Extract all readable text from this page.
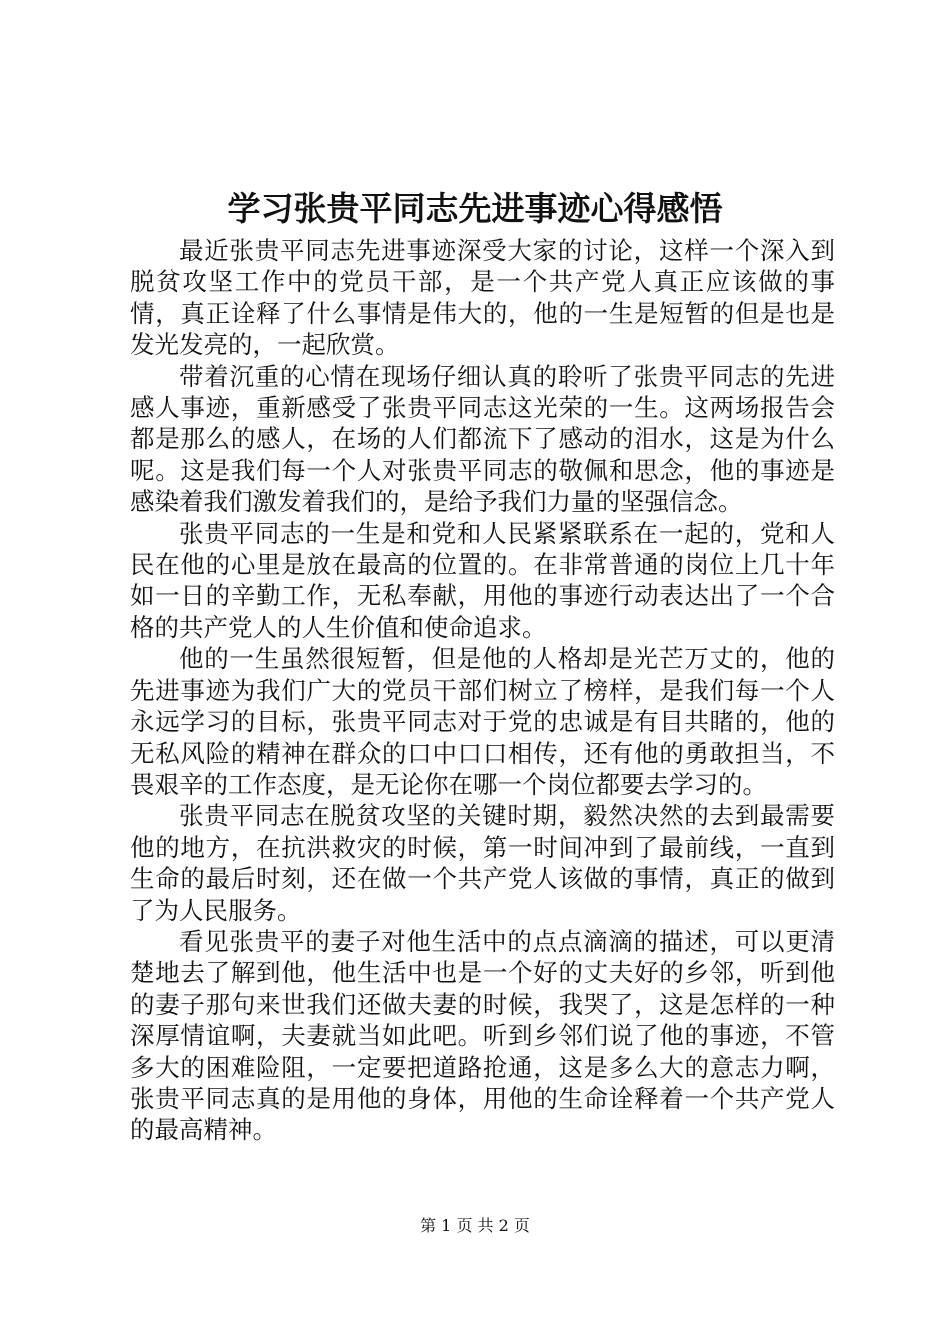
学习张贵平同志先进事迹心得感悟

最近张贵平同志先进事迹深受大家的讨论，这样一个深入到脱贫攻坚工作中的党员干部，是一个共产党人真正应该做的事情，真正诠释了什么事情是伟大的，他的一生是短暂的但是也是发光发亮的，一起欣赏。

带着沉重的心情在现场仔细认真的聆听了张贵平同志的先进感人事迹，重新感受了张贵平同志这光荣的一生。这两场报告会都是那么的感人，在场的人们都流下了感动的泪水，这是为什么呢。这是我们每一个人对张贵平同志的敬佩和思念，他的事迹是感染着我们激发着我们的，是给予我们力量的坚强信念。

张贵平同志的一生是和党和人民紧紧联系在一起的，党和人民在他的心里是放在最高的位置的。在非常普通的岗位上几十年如一日的辛勤工作，无私奉献，用他的事迹行动表达出了一个合格的共产党人的人生价值和使命追求。

他的一生虽然很短暂，但是他的人格却是光芒万丈的，他的先进事迹为我们广大的党员干部们树立了榜样，是我们每一个人永远学习的目标，张贵平同志对于党的忠诚是有目共睹的，他的无私风险的精神在群众的口中口口相传，还有他的勇敢担当，不畏艰辛的工作态度，是无论你在哪一个岗位都要去学习的。

张贵平同志在脱贫攻坚的关键时期，毅然决然的去到最需要他的地方，在抗洪救灾的时候，第一时间冲到了最前线，一直到生命的最后时刻，还在做一个共产党人该做的事情，真正的做到了为人民服务。

看见张贵平的妻子对他生活中的点点滴滴的描述，可以更清楚地去了解到他，他生活中也是一个好的丈夫好的乡邻，听到他的妻子那句来世我们还做夫妻的时候，我哭了，这是怎样的一种深厚情谊啊，夫妻就当如此吧。听到乡邻们说了他的事迹，不管多大的困难险阻，一定要把道路抢通，这是多么大的意志力啊，张贵平同志真的是用他的身体，用他的生命诠释着一个共产党人的最高精神。

第 1 页 共 2 页
